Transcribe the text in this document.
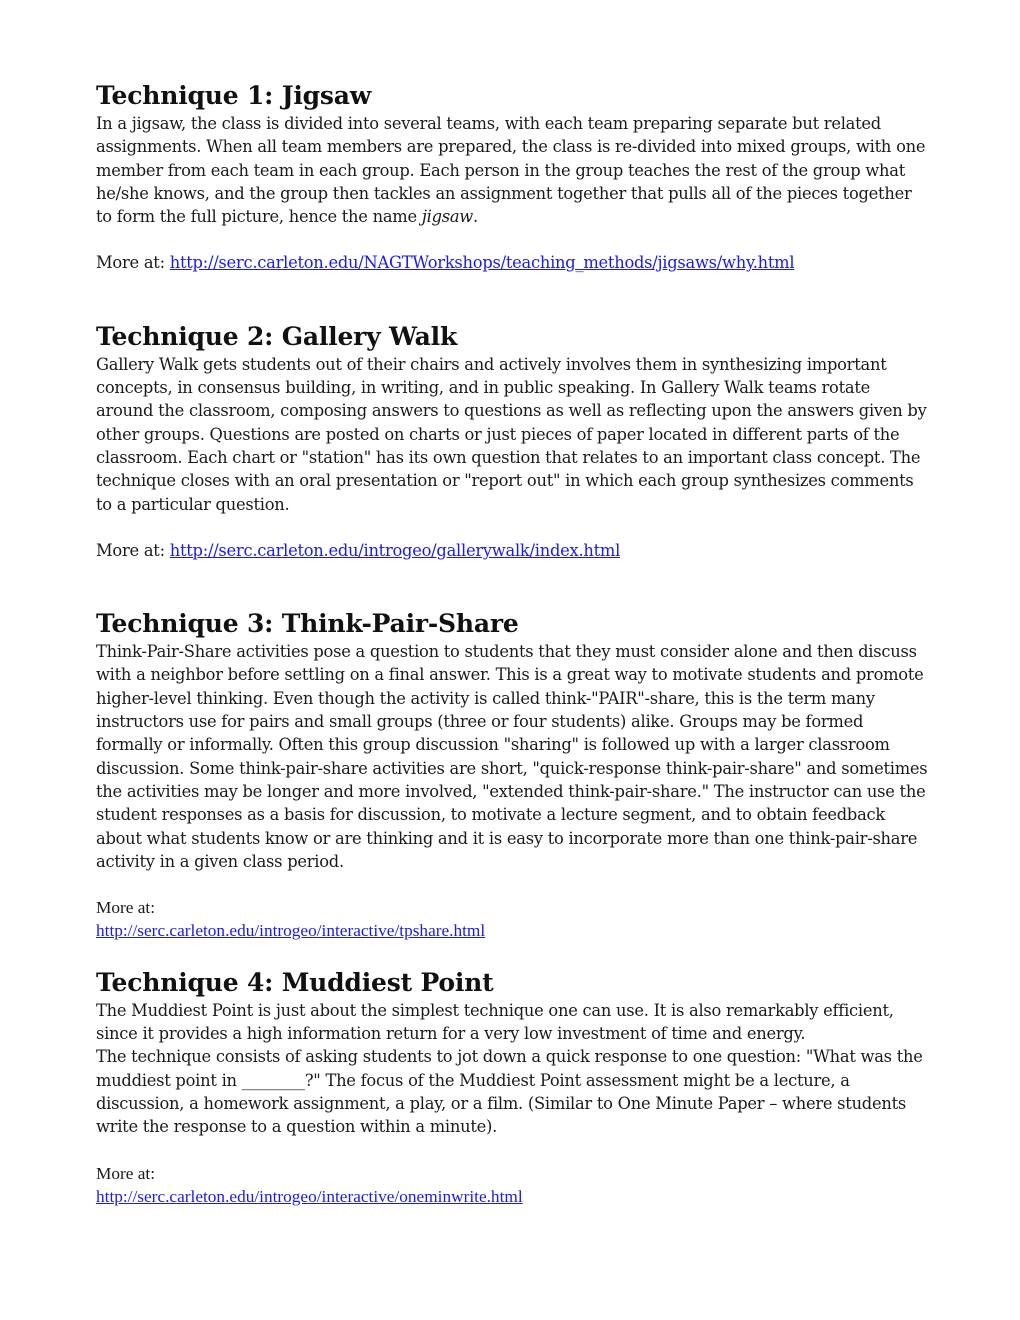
Technique 1: Jigsaw

In a jigsaw, the class is divided into several teams, with each team preparing separate but related assignments. When all team members are prepared, the class is re-divided into mixed groups, with one member from each team in each group. Each person in the group teaches the rest of the group what he/she knows, and the group then tackles an assignment together that pulls all of the pieces together to form the full picture, hence the name jigsaw.

More at: http://serc.carleton.edu/NAGTWorkshops/teaching_methods/jigsaws/why.html

Technique 2: Gallery Walk

Gallery Walk gets students out of their chairs and actively involves them in synthesizing important concepts, in consensus building, in writing, and in public speaking. In Gallery Walk teams rotate around the classroom, composing answers to questions as well as reflecting upon the answers given by other groups. Questions are posted on charts or just pieces of paper located in different parts of the classroom. Each chart or "station" has its own question that relates to an important class concept. The technique closes with an oral presentation or "report out" in which each group synthesizes comments to a particular question.

More at: http://serc.carleton.edu/introgeo/gallerywalk/index.html

Technique 3: Think-Pair-Share

Think-Pair-Share activities pose a question to students that they must consider alone and then discuss with a neighbor before settling on a final answer. This is a great way to motivate students and promote higher-level thinking. Even though the activity is called think-"PAIR"-share, this is the term many instructors use for pairs and small groups (three or four students) alike. Groups may be formed formally or informally. Often this group discussion "sharing" is followed up with a larger classroom discussion. Some think-pair-share activities are short, "quick-response think-pair-share" and sometimes the activities may be longer and more involved, "extended think-pair-share." The instructor can use the student responses as a basis for discussion, to motivate a lecture segment, and to obtain feedback about what students know or are thinking and it is easy to incorporate more than one think-pair-share activity in a given class period.

More at:

http://serc.carleton.edu/introgeo/interactive/tpshare.html

Technique 4: Muddiest Point

The Muddiest Point is just about the simplest technique one can use. It is also remarkably efficient, since it provides a high information return for a very low investment of time and energy.

The technique consists of asking students to jot down a quick response to one question: "What was the muddiest point in ________?" The focus of the Muddiest Point assessment might be a lecture, a discussion, a homework assignment, a play, or a film. (Similar to One Minute Paper – where students write the response to a question within a minute).

More at:

http://serc.carleton.edu/introgeo/interactive/oneminwrite.html
